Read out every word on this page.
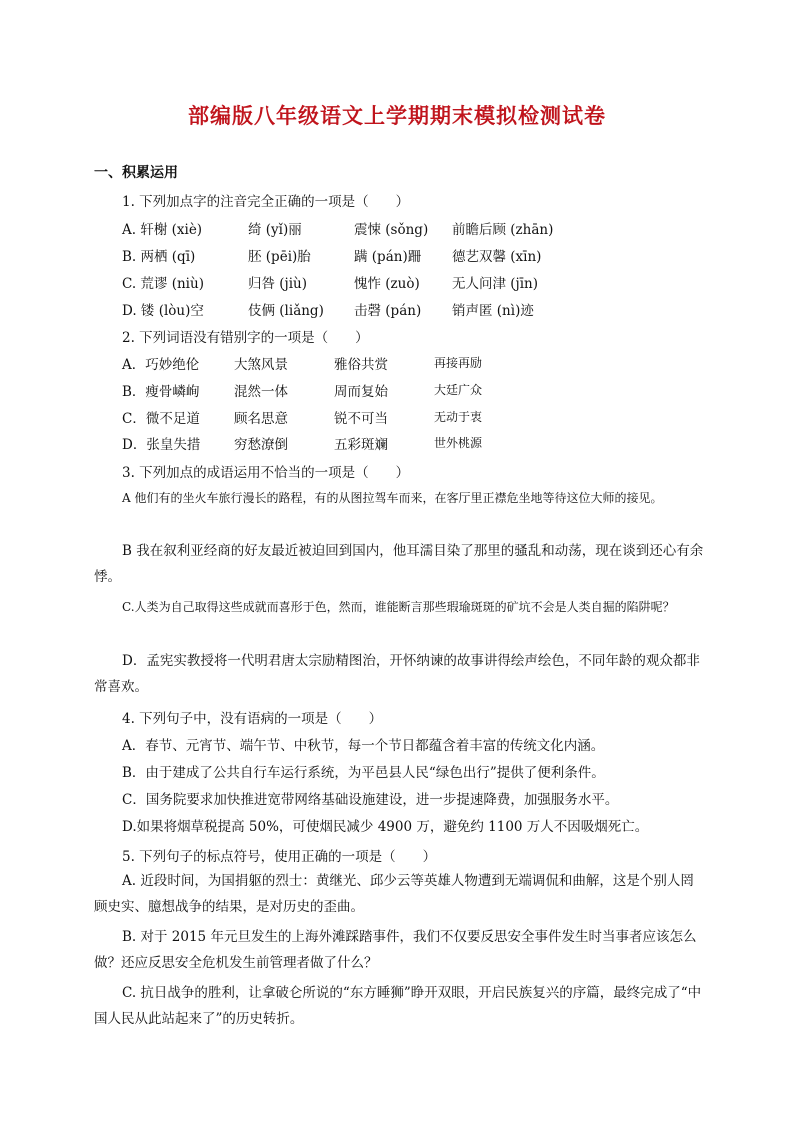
部编版八年级语文上学期期末模拟检测试卷
一、积累运用
1. 下列加点字的注音完全正确的一项是（　　）
A. 轩榭 (xiè)	绮 (yǐ)丽	震悚 (sǒng) 前瞻后顾 (zhān)
B. 两栖 (qī)	胚 (pēi)胎	蹒 (pán)跚 德艺双馨 (xīn)
C. 荒谬 (niù)	归咎 (jiù)	愧怍 (zuò) 无人问津 (jīn)
D. 镂 (lòu)空	伎俩 (liǎng) 击磬 (pán) 销声匿 (nì)迹
2. 下列词语没有错别字的一项是（　　）
A．巧妙绝伦	大煞风景	雅俗共赏	再接再励
B．瘦骨嶙峋	混然一体	周而复始	大廷广众
C．微不足道	顾名思意	锐不可当	无动于衷
D．张皇失措 穷愁潦倒	五彩斑斓	世外桃源
3. 下列加点的成语运用不恰当的一项是（　　）
A 他们有的坐火车旅行漫长的路程，有的从图拉驾车而来，在客厅里正襟危坐地等待这位大师的接见。
B 我在叙利亚经商的好友最近被迫回到国内，他耳濡目染了那里的骚乱和动荡，现在谈到还心有余悸。
C.人类为自己取得这些成就而喜形于色，然而，谁能断言那些瑕瑜斑斑的矿坑不会是人类自掘的陷阱呢？
D．孟宪实教授将一代明君唐太宗励精图治，开怀纳谏的故事讲得绘声绘色，不同年龄的观众都非常喜欢。
4. 下列句子中，没有语病的一项是（　　）
A．春节、元宵节、端午节、中秋节，每一个节日都蕴含着丰富的传统文化内涵。
B．由于建成了公共自行车运行系统，为平邑县人民“绿色出行”提供了便利条件。
C．国务院要求加快推进宽带网络基础设施建设，进一步提速降费，加强服务水平。
D.如果将烟草税提高 50%，可使烟民减少 4900 万，避免约 1100 万人不因吸烟死亡。
5. 下列句子的标点符号，使用正确的一项是（　　）
A. 近段时间，为国捐躯的烈士：黄继光、邱少云等英雄人物遭到无端调侃和曲解，这是个别人罔顾史实、臆想战争的结果，是对历史的歪曲。
B. 对于 2015 年元旦发生的上海外滩踩踏事件，我们不仅要反思安全事件发生时当事者应该怎么做？还应反思安全危机发生前管理者做了什么？
C. 抗日战争的胜利，让拿破仑所说的“东方睡狮”睁开双眼，开启民族复兴的序篇，最终完成了“中国人民从此站起来了”的历史转折。
